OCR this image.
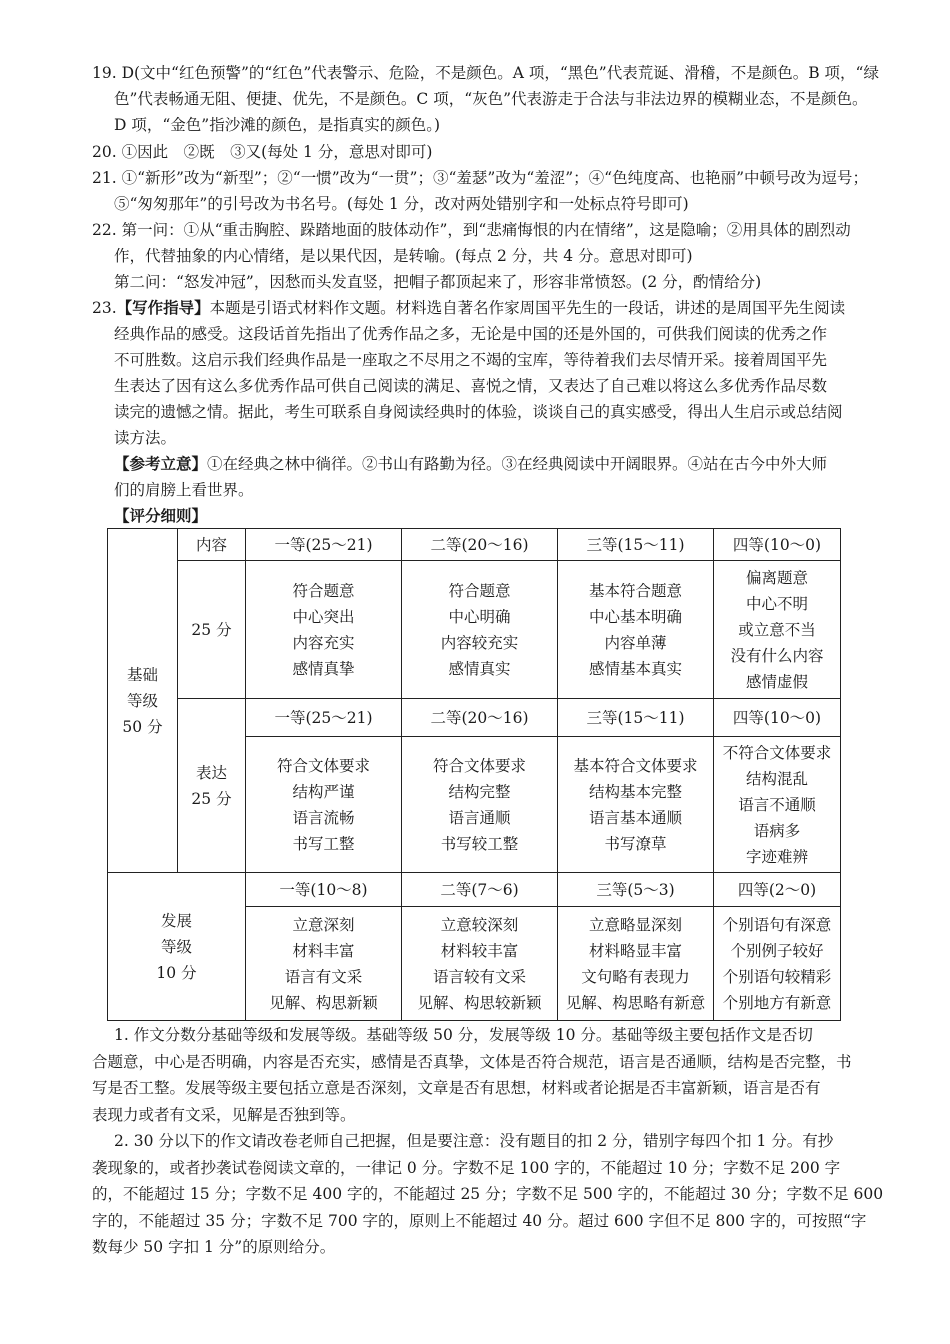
19. D(文中“红色预警”的“红色”代表警示、危险，不是颜色。A 项，“黑色”代表荒诞、滑稽，不是颜色。B 项，“绿

色”代表畅通无阻、便捷、优先，不是颜色。C 项，“灰色”代表游走于合法与非法边界的模糊业态，不是颜色。

D 项，“金色”指沙滩的颜色，是指真实的颜色。)

20. ①因此　②既　③又(每处 1 分，意思对即可)

21. ①“新形”改为“新型”；②“一惯”改为“一贯”；③“羞瑟”改为“羞涩”；④“色纯度高、也艳丽”中顿号改为逗号；

⑤“匆匆那年”的引号改为书名号。(每处 1 分，改对两处错别字和一处标点符号即可)

22. 第一问：①从“重击胸腔、跺踏地面的肢体动作”，到“悲痛悔恨的内在情绪”，这是隐喻；②用具体的剧烈动

作，代替抽象的内心情绪，是以果代因，是转喻。(每点 2 分，共 4 分。意思对即可)

第二问：“怒发冲冠”，因愁而头发直竖，把帽子都顶起来了，形容非常愤怒。(2 分，酌情给分)

23.【写作指导】本题是引语式材料作文题。材料选自著名作家周国平先生的一段话，讲述的是周国平先生阅读

经典作品的感受。这段话首先指出了优秀作品之多，无论是中国的还是外国的，可供我们阅读的优秀之作

不可胜数。这启示我们经典作品是一座取之不尽用之不竭的宝库，等待着我们去尽情开采。接着周国平先

生表达了因有这么多优秀作品可供自己阅读的满足、喜悦之情，又表达了自己难以将这么多优秀作品尽数

读完的遗憾之情。据此，考生可联系自身阅读经典时的体验，谈谈自己的真实感受，得出人生启示或总结阅

读方法。

【参考立意】①在经典之林中徜徉。②书山有路勤为径。③在经典阅读中开阔眼界。④站在古今中外大师

们的肩膀上看世界。

【评分细则】

基础
等级
50 分	内容	一等(25～21)	二等(20～16)	三等(15～11)	四等(10～0)
	25 分	符合题意
中心突出
内容充实
感情真挚	符合题意
中心明确
内容较充实
感情真实	基本符合题意
中心基本明确
内容单薄
感情基本真实	偏离题意
中心不明
或立意不当
没有什么内容
感情虚假

	表达
25 分	一等(25～21)	二等(20～16)	三等(15～11)	四等(10～0)

		符合文体要求
结构严谨
语言流畅
书写工整	符合文体要求
结构完整
语言通顺
书写较工整	基本符合文体要求
结构基本完整
语言基本通顺
书写潦草	不符合文体要求
结构混乱
语言不通顺
语病多
字迹难辨

发展
等级
10 分		一等(10～8)	二等(7～6)	三等(5～3)	四等(2～0)

		立意深刻
材料丰富
语言有文采
见解、构思新颖	立意较深刻
材料较丰富
语言较有文采
见解、构思较新颖	立意略显深刻
材料略显丰富
文句略有表现力
见解、构思略有新意	个别语句有深意
个别例子较好
个别语句较精彩
个别地方有新意

1. 作文分数分基础等级和发展等级。基础等级 50 分，发展等级 10 分。基础等级主要包括作文是否切

合题意，中心是否明确，内容是否充实，感情是否真挚，文体是否符合规范，语言是否通顺，结构是否完整，书

写是否工整。发展等级主要包括立意是否深刻，文章是否有思想，材料或者论据是否丰富新颖，语言是否有

表现力或者有文采，见解是否独到等。

2. 30 分以下的作文请改卷老师自己把握，但是要注意：没有题目的扣 2 分，错别字每四个扣 1 分。有抄

袭现象的，或者抄袭试卷阅读文章的，一律记 0 分。字数不足 100 字的，不能超过 10 分；字数不足 200 字

的，不能超过 15 分；字数不足 400 字的，不能超过 25 分；字数不足 500 字的，不能超过 30 分；字数不足 600

字的，不能超过 35 分；字数不足 700 字的，原则上不能超过 40 分。超过 600 字但不足 800 字的，可按照“字

数每少 50 字扣 1 分”的原则给分。
